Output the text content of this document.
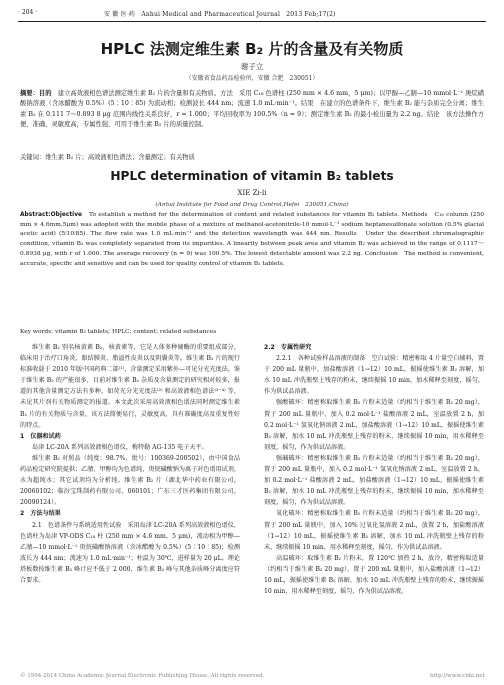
· 204 ·	安 徽 医 药　Anhui Medical and Pharmaceutical Journal　2013 Feb;17(2)
HPLC 法测定维生素 B₂ 片的含量及有关物质
谢子立
（安徽省食品药品检验所，安徽 合肥　230051）
摘要：目的　建立高效液相色谱法测定维生素 B₂ 片的含量和有关物质。方法　采用 C₁₈ 色谱柱 (250 mm × 4.6 mm，5 μm)；以甲醇—乙腈—10 mmol·L⁻¹ 庚烷磺酸钠溶液（含冰醋酸为 0.5%）(5∶10∶85) 为流动相；检测波长 444 nm；流速 1.0 mL·min⁻¹。结果　在建立的色谱条件下，维生素 B₂ 能与杂质完全分离；维生素 B₂ 在 0.111 7～0.893 8 μg 范围内线性关系良好，r = 1.000；平均回收率为 100.5%（n = 9）；测定维生素 B₂ 的最小检出量为 2.2 ng。结论　该方法操作方便，准确，灵敏度高，专属性强，可用于维生素 B₂ 片的质量控制。
关键词：维生素 B₂ 片；高效液相色谱法；含量测定；有关物质
HPLC determination of vitamin B₂ tablets
XIE Zi-li
(Anhui Institute for Food and Drug Control,Hefei　230051,China)
Abstract:Objective　To establish a method for the determination of content and related substances for vitamin B₂ tablets. Methods　C₁₈ column (250 mm × 4.6mm,5μm) was adopted with the mobile phase of a mixture of methanol-acetonitrile-10 mmol·L⁻¹ sodium heptanesulfonate solution (0.5% glacial acetic acid) (5∶10∶85). The flow rate was 1.0 mL·min⁻¹ and the detection wavelength was 444 nm. Results　Under the described chromatographic condition, vitamin B₂ was completely separated from its impurities. A linearity between peak area and vitamin B₂ was achieved in the range of 0.1117～0.8938 μg, with r of 1.000. The average recovery (n = 9) was 100.5%. The lowest detectable amount was 2.2 ng. Conclusion　The method is convenient, accurate, specific and sensitive and can be used for quality control of vitamin B₂ tablets.
Key words: vitamin B₂ tablets; HPLC; content; related substances

维生素 B₂ 别名核黄素 B₂，核黄素等，它是人体多种辅酶的重要组成部分，临床用于治疗口角炎、眼结膜炎、脂溢性皮炎以及阴囊炎等。维生素 B₂ 片的现行标准收载于 2010 年版中国药典二部⁽¹⁾，含量测定采用紫外—可见分光光度法。鉴于维生素 B₂ 的产能很多，目前对维生素 B₂ 杂质及含量测定的研究相对较多，报道的其他含量测定方法有多种，如荧光分光光度法⁽²⁾ 和高效液相色谱法⁽³⁻⁴⁾ 等，未见其片剂有关物质测定的报道。本文此次采用高效液相色谱法同时测定维生素 B₂ 片的有关物质与含量，该方法简便易行，灵敏度高，具有准确度高及重复性好的特点。

1　仪器和试药

岛津 LC-20A 系列高效液相色谱仪，梅特勒 AG-135 电子天平。

维生素 B₂ 对照品（纯度：98.7%，批号：100369-200502），由中国食品药品检定研究院提供；乙腈、甲醇均为色谱纯，庚烷磺酸钠为离子对色谱用试剂，水为超纯水；其它试剂均为分析纯。维生素 B₂ 片（湖北华中药业有限公司，20060102；临汾宝珠制药有限公司，060101；广东三才医药集团有限公司，20090124）。

2　方法与结果

2.1　色谱条件与系统适用性试验　采用岛津 LC-20A 系列高效液相色谱仪，色谱柱为岛津 VP-ODS C₁₈ 柱 (250 mm × 4.6 mm，5 μm)，流动相为甲醇—乙腈—10 mmol·L⁻¹ 庚烷磺酸钠溶液（含冰醋酸为 0.5%）(5∶10∶85)；检测波长为 444 nm；流速为 1.0 mL·min⁻¹；柱温为 30℃，进样量为 20 μL。理论塔板数按维生素 B₂ 峰计应不低于 2 000，维生素 B₂ 峰与其他杂质峰分离度应符合要求。

2.2　专属性研究

2.2.1　各种试验样品溶液的制备　空白试验：精密称取 4 片量空白辅料，置于 200 mL 量瓶中，加盐酸溶液（1→12）10 mL，振摇使维生素 B₂ 溶解，加水 10 mL 冲洗瓶壁上残存的粉末，继续振摇 10 min，加水稀释至刻度，摇匀，作为供试品溶液。

强酸破坏：精密称取维生素 B₂ 片粉末适量（约相当于维生素 B₂ 20 mg），置于 200 mL 量瓶中，加入 0.2 mol·L⁻¹ 盐酸溶液 2 mL，室温放置 2 h，加 0.2 mol·L⁻¹ 氢氧化钠溶液 2 mL，加盐酸溶液（1→12）10 mL，振摇使维生素 B₂ 溶解，加水 10 mL 冲洗瓶壁上残存的粉末，继续振摇 10 min，用水稀释至刻度，摇匀，作为供试品溶液。

强碱破坏：精密称取维生素 B₂ 片粉末适量（约相当于维生素 B₂ 20 mg），置于 200 mL 量瓶中，加入 0.2 mol·L⁻¹ 氢氧化钠溶液 2 mL，室温放置 2 h，加 0.2 mol·L⁻¹ 盐酸溶液 2 mL，加盐酸溶液（1→12）10 mL，振摇使维生素 B₂ 溶解，加水 10 mL 冲洗瓶壁上残存的粉末，继续振摇 10 min，加水稀释至刻度，摇匀，作为供试品溶液。

氧化破坏：精密称取维生素 B₂ 片粉末适量（约相当于维生素 B₂ 20 mg），置于 200 mL 量瓶中，加入 10% 过氧化氢溶液 2 mL，放置 2 h，加盐酸溶液（1→12）10 mL，振摇使维生素 B₂ 溶解，加水 10 mL 冲洗瓶壁上残存的粉末，继续振摇 10 min，用水稀释至刻度，摇匀，作为供试品溶液。

高温破坏：取维生素 B₂ 片粉末，置 120℃ 加热 2 h，放冷，精密称取适量（约相当于维生素 B₂ 20 mg），置于 200 mL 量瓶中，加入盐酸溶液（1→12）10 mL，振摇使维生素 B₂ 溶解，加水 10 mL 冲洗瓶壁上残存的粉末，继续振摇 10 min，用水稀释至刻度，摇匀，作为供试品溶液。

© 1994-2014 China Academic Journal Electronic Publishing House. All rights reserved.	http://www.cnki.net
